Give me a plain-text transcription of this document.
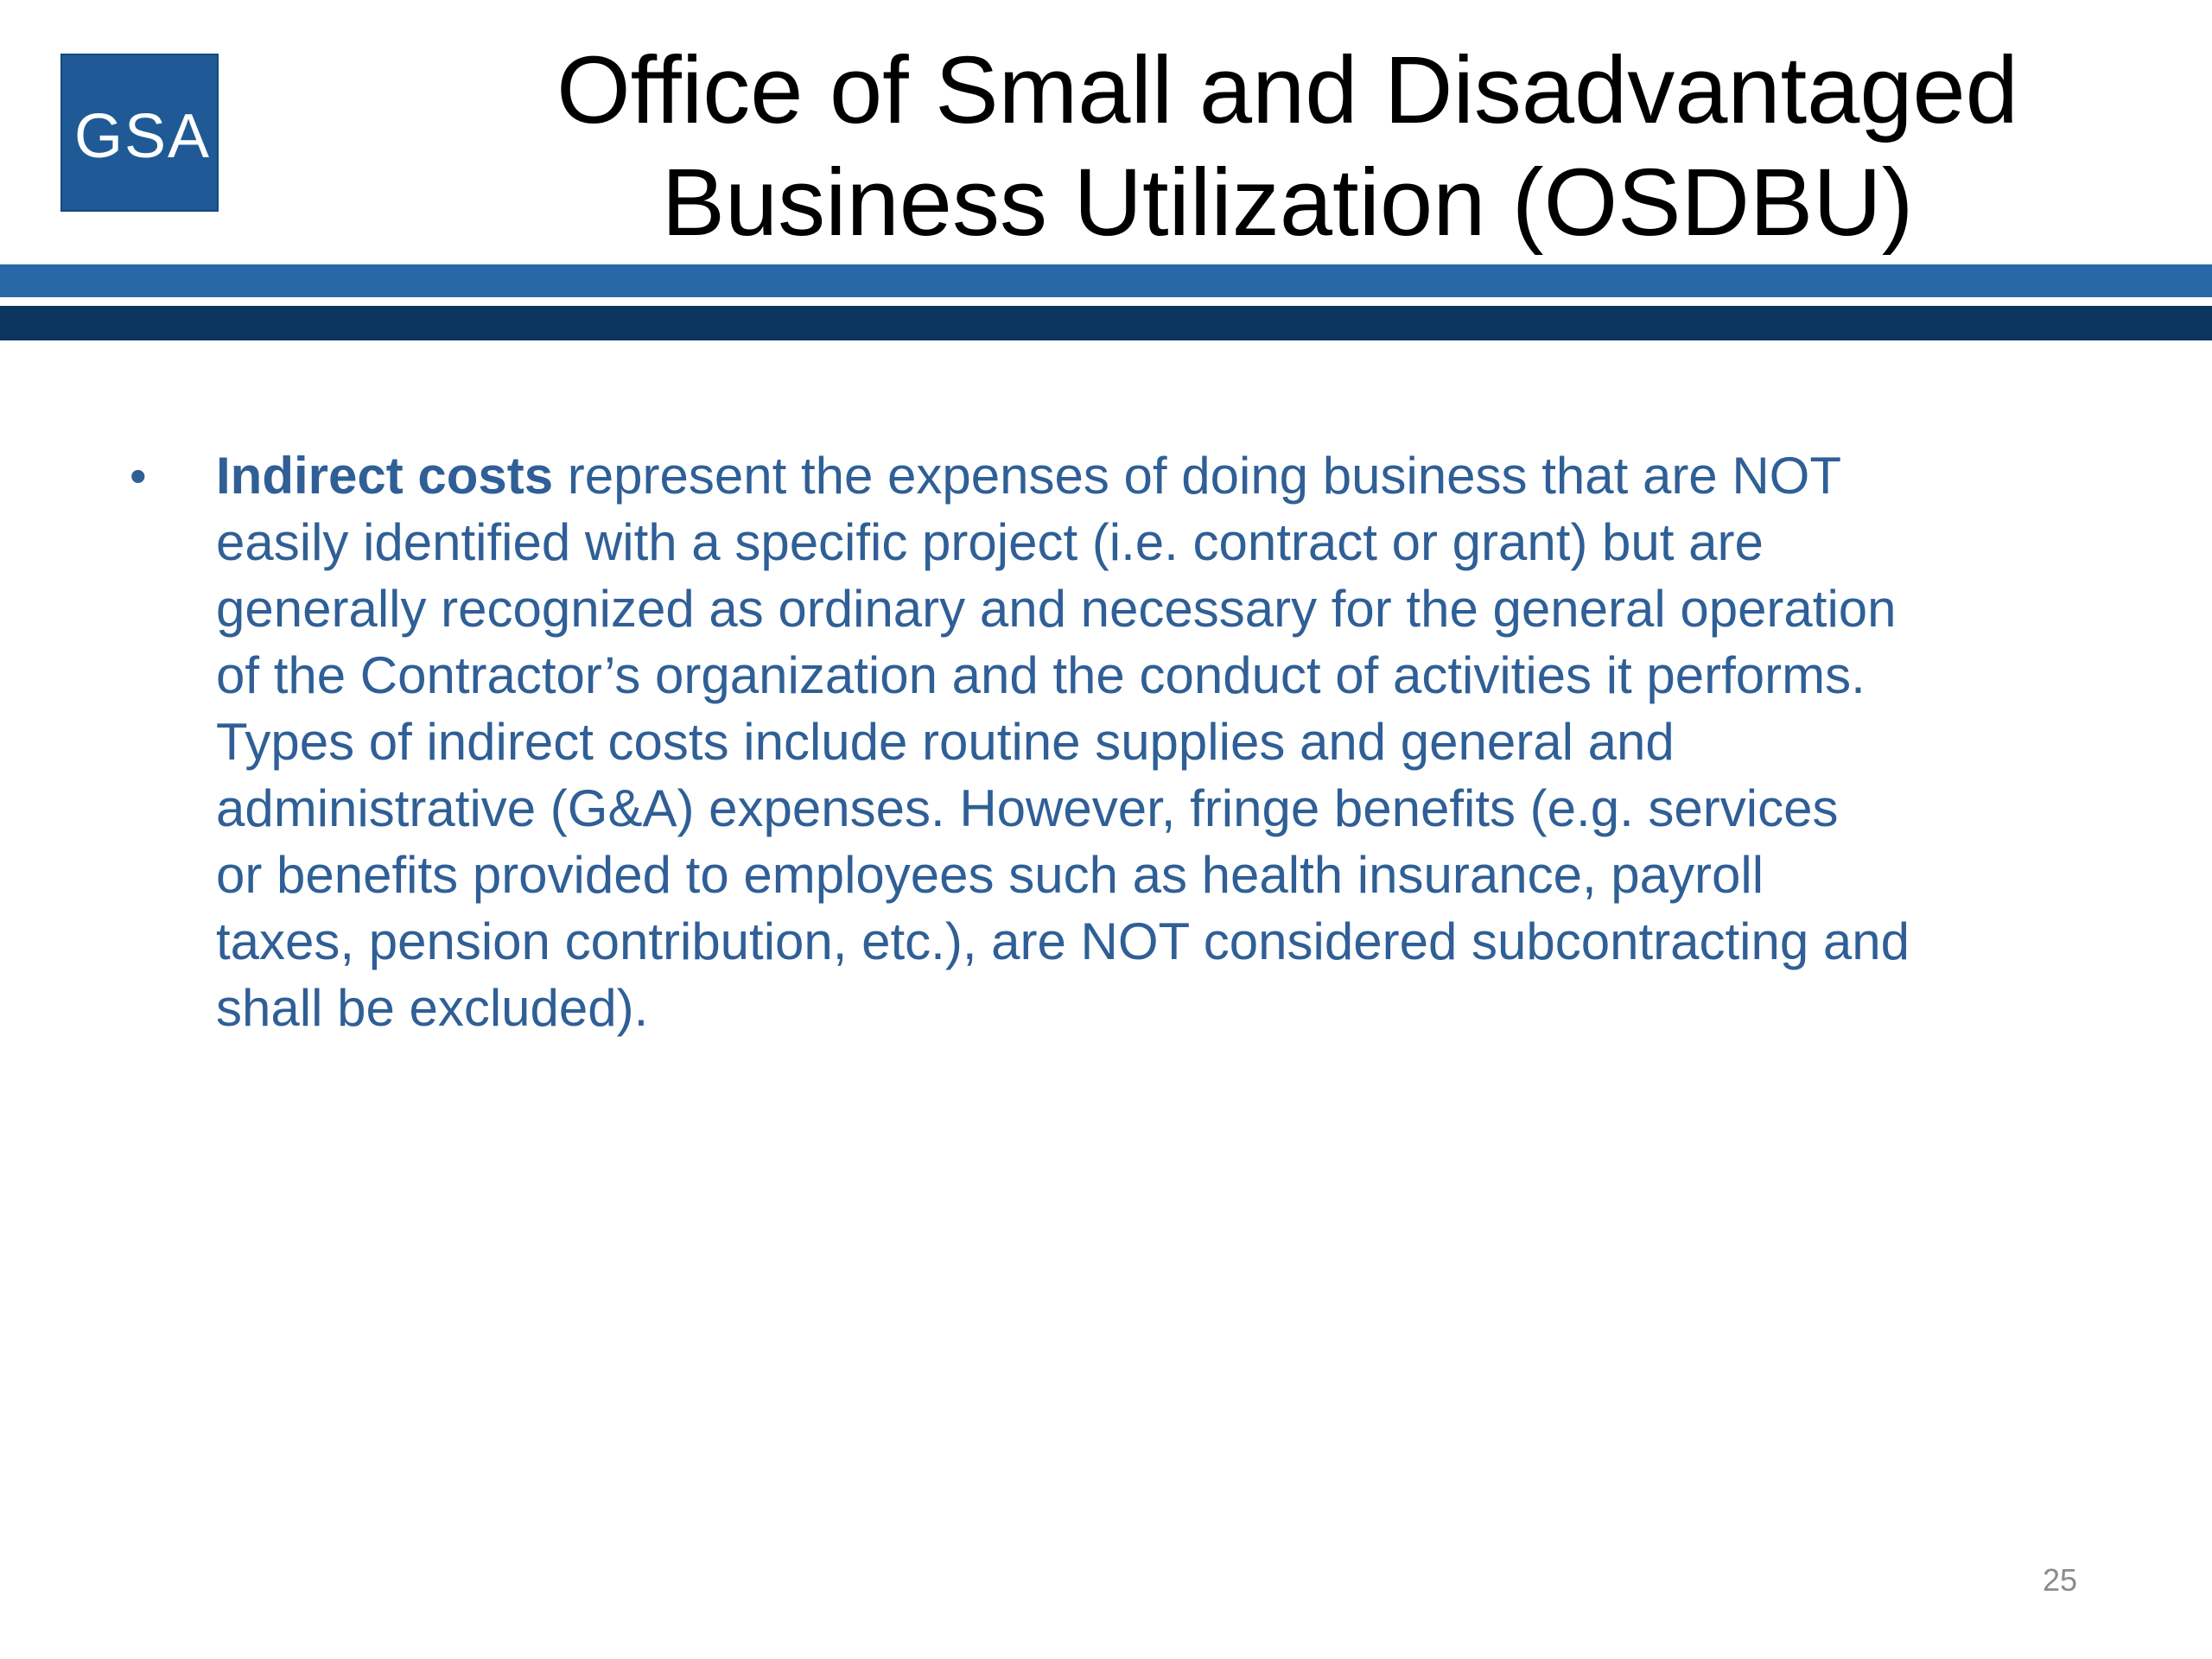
GSA	Office of Small and Disadvantaged
Business Utilization (OSDBU)
•	Indirect costs represent the expenses of doing business that are NOT
easily identified with a specific project (i.e. contract or grant) but are
generally recognized as ordinary and necessary for the general operation
of the Contractor’s organization and the conduct of activities it performs.
Types of indirect costs include routine supplies and general and
administrative (G&A) expenses. However, fringe benefits (e.g. services
or benefits provided to employees such as health insurance, payroll
taxes, pension contribution, etc.), are NOT considered subcontracting and
shall be excluded).
25
